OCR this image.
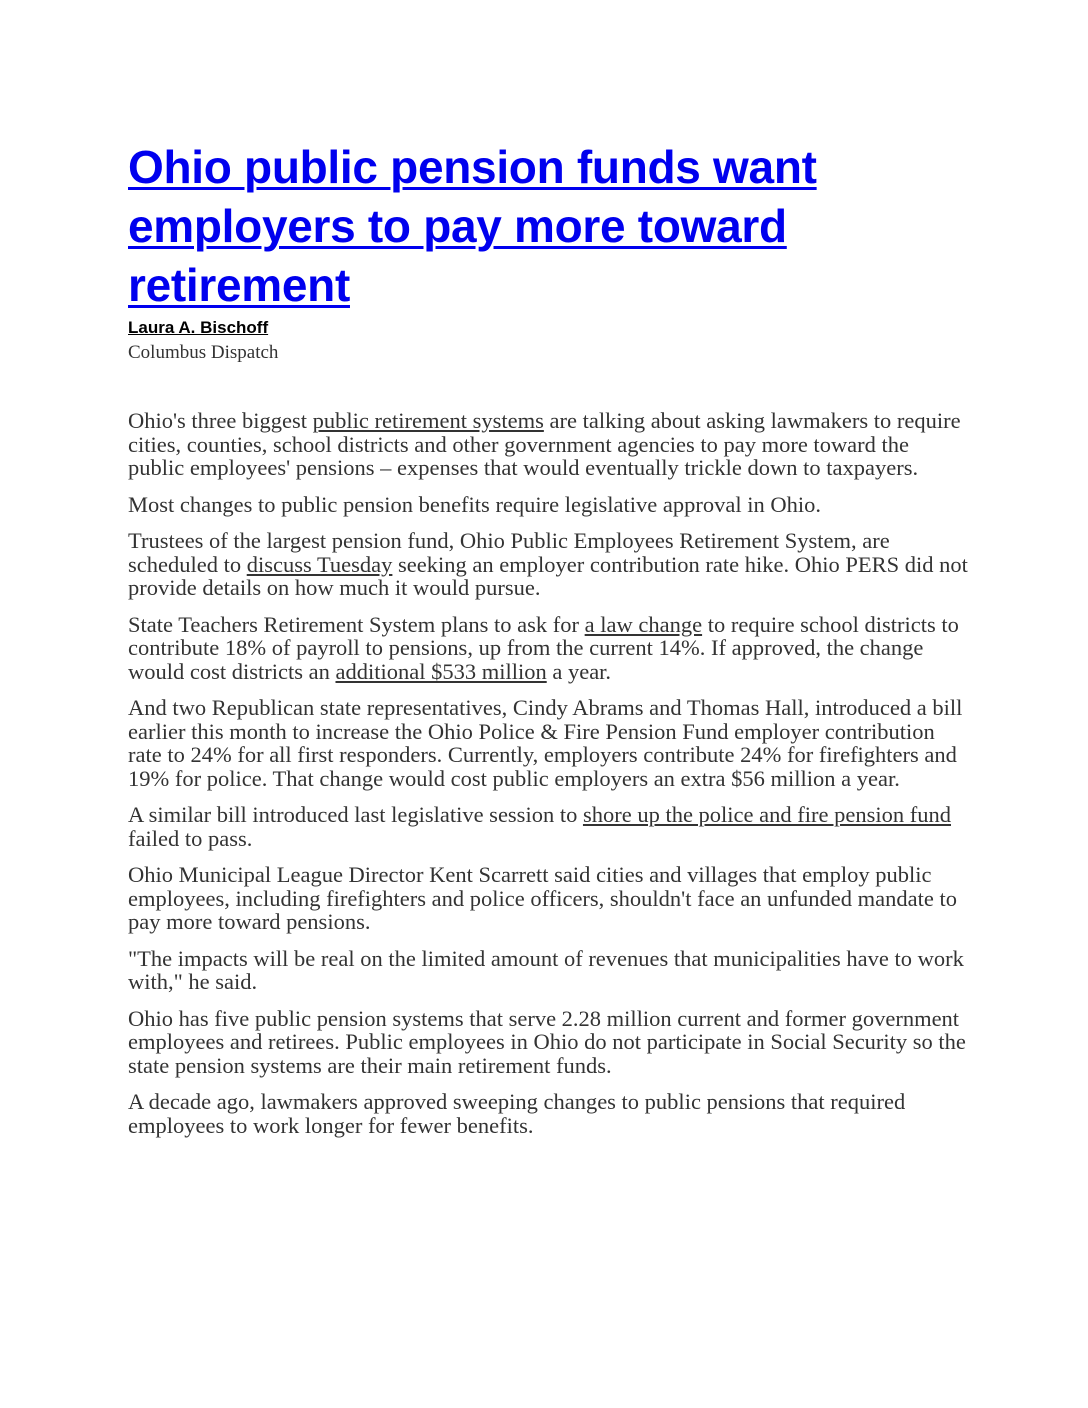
Ohio public pension funds want employers to pay more toward retirement
Laura A. Bischoff
Columbus Dispatch

Ohio's three biggest public retirement systems are talking about asking lawmakers to require cities, counties, school districts and other government agencies to pay more toward the public employees' pensions – expenses that would eventually trickle down to taxpayers.

Most changes to public pension benefits require legislative approval in Ohio.

Trustees of the largest pension fund, Ohio Public Employees Retirement System, are scheduled to discuss Tuesday seeking an employer contribution rate hike. Ohio PERS did not provide details on how much it would pursue.

State Teachers Retirement System plans to ask for a law change to require school districts to contribute 18% of payroll to pensions, up from the current 14%. If approved, the change would cost districts an additional $533 million a year.

And two Republican state representatives, Cindy Abrams and Thomas Hall, introduced a bill earlier this month to increase the Ohio Police & Fire Pension Fund employer contribution rate to 24% for all first responders. Currently, employers contribute 24% for firefighters and 19% for police. That change would cost public employers an extra $56 million a year.

A similar bill introduced last legislative session to shore up the police and fire pension fund failed to pass.

Ohio Municipal League Director Kent Scarrett said cities and villages that employ public employees, including firefighters and police officers, shouldn't face an unfunded mandate to pay more toward pensions.

"The impacts will be real on the limited amount of revenues that municipalities have to work with," he said.

Ohio has five public pension systems that serve 2.28 million current and former government employees and retirees. Public employees in Ohio do not participate in Social Security so the state pension systems are their main retirement funds.

A decade ago, lawmakers approved sweeping changes to public pensions that required employees to work longer for fewer benefits.
